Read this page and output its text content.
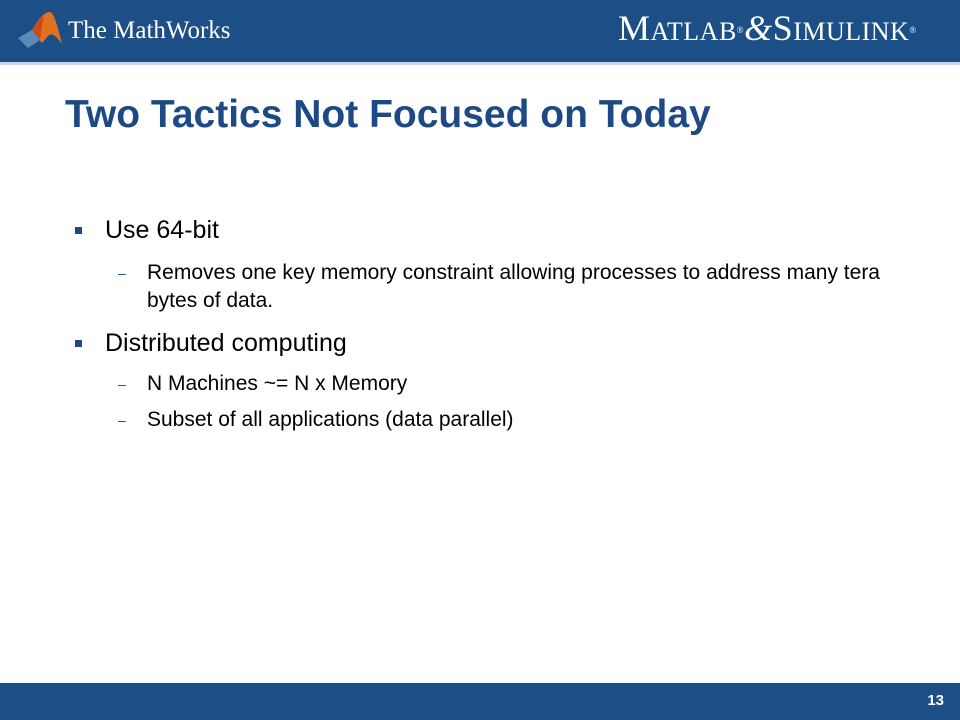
The MathWorks	MATLAB®&SIMULINK®
Two Tactics Not Focused on Today
Use 64-bit
– Removes one key memory constraint allowing processes to address many tera bytes of data.
Distributed computing
– N Machines ~= N x Memory
– Subset of all applications (data parallel)
13
